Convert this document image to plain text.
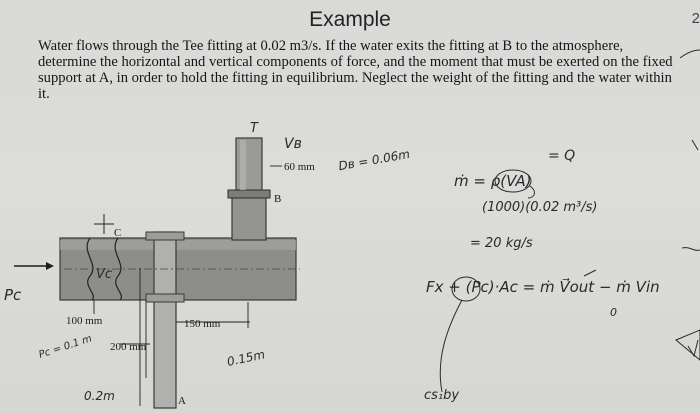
Example	2
Water flows through the Tee fitting at 0.02 m3/s. If the water exits the fitting at B to the atmosphere, determine the horizontal and vertical components of force, and the moment that must be exerted on the fixed support at A, in order to hold the fitting in equilibrium. Neglect the weight of the fitting and the water within it.
B
C
A
60 mm
100 mm
200 mm
150 mm
T
Vʙ
Vᴄ
Pᴄ
Pᴄ = 0.1 m
0.2m
0.15m
Dʙ = 0.06m	= Q
ṁ = ρ(VA)
(1000)(0.02 m³/s)
= 20 kg/s
Fx + (Pᴄ)·Ac = ṁ V⃗out − ṁ Vin
0
cs₁by
